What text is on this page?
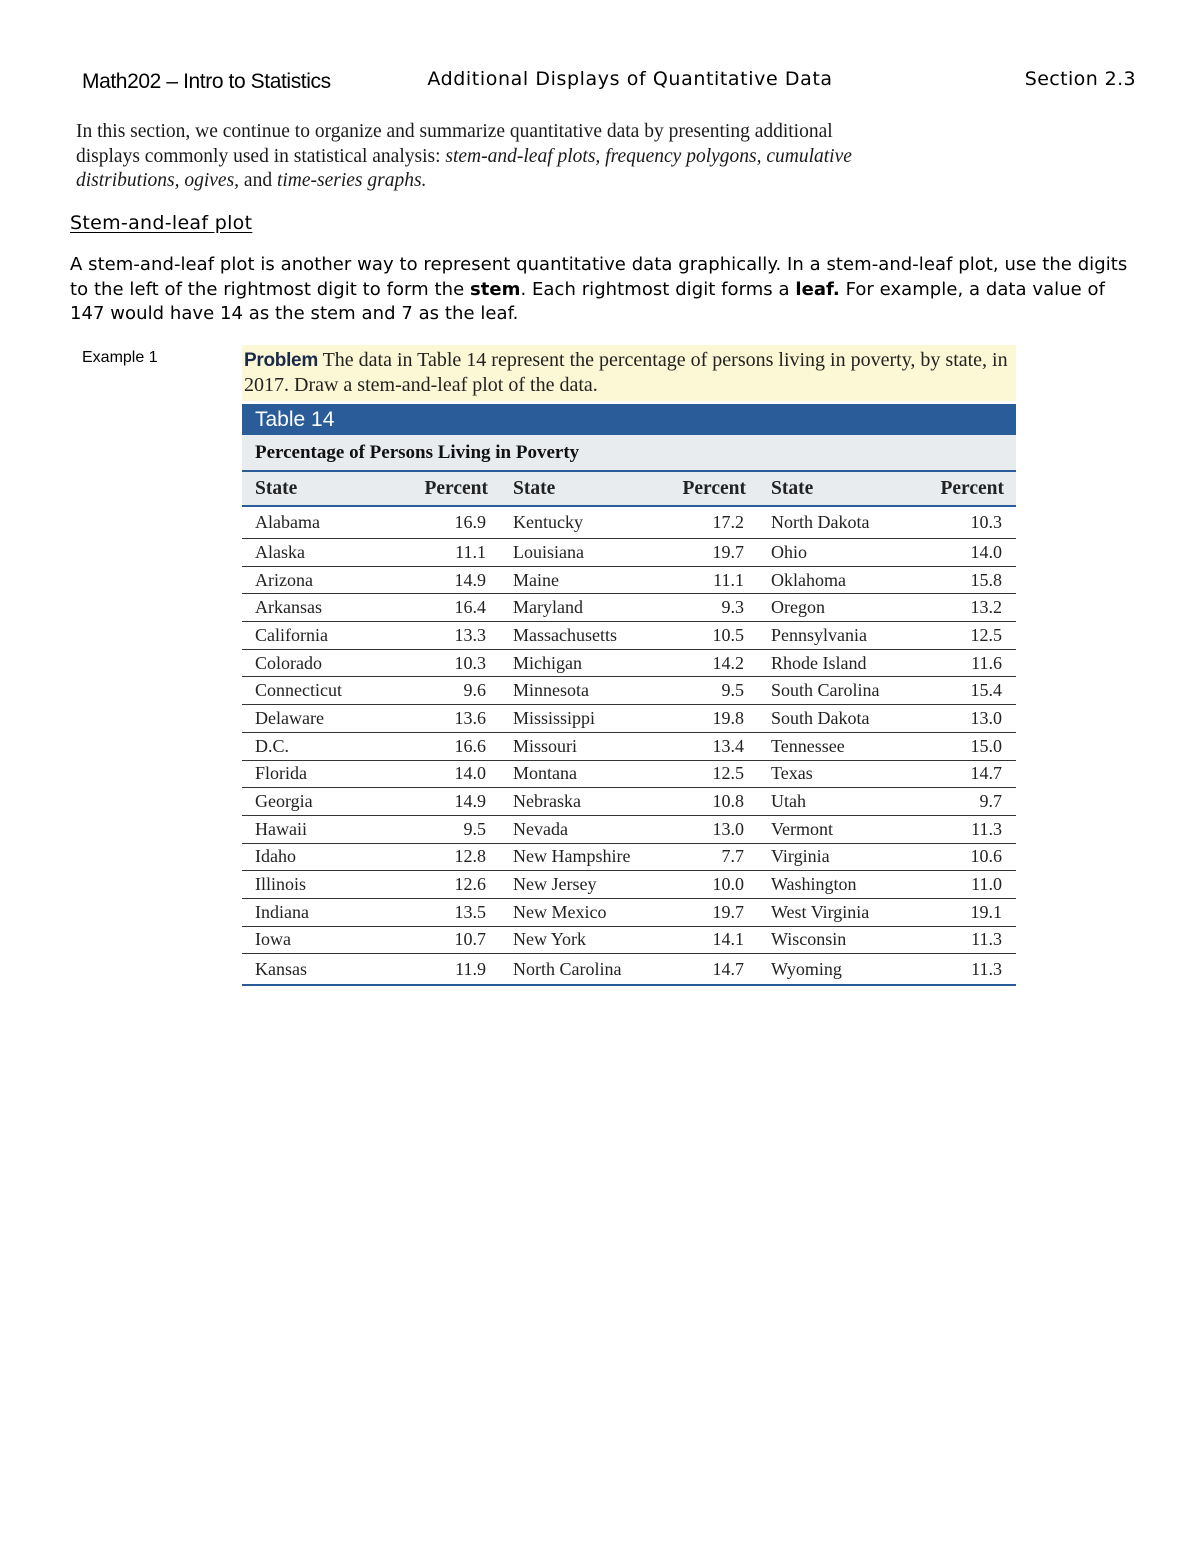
Math202 – Intro to Statistics	Additional Displays of Quantitative Data	Section 2.3
In this section, we continue to organize and summarize quantitative data by presenting additional displays commonly used in statistical analysis: stem-and-leaf plots, frequency polygons, cumulative distributions, ogives, and time-series graphs.
Stem-and-leaf plot
A stem-and-leaf plot is another way to represent quantitative data graphically. In a stem-and-leaf plot, use the digits to the left of the rightmost digit to form the stem. Each rightmost digit forms a leaf. For example, a data value of 147 would have 14 as the stem and 7 as the leaf.
Example 1	Problem The data in Table 14 represent the percentage of persons living in poverty, by state, in 2017. Draw a stem-and-leaf plot of the data.
Table 14
Percentage of Persons Living in Poverty
State	Percent	State	Percent	State	Percent
Alabama	16.9	Kentucky	17.2	North Dakota	10.3
Alaska	11.1	Louisiana	19.7	Ohio	14.0
Arizona	14.9	Maine	11.1	Oklahoma	15.8
Arkansas	16.4	Maryland	9.3	Oregon	13.2
California	13.3	Massachusetts	10.5	Pennsylvania	12.5
Colorado	10.3	Michigan	14.2	Rhode Island	11.6
Connecticut	9.6	Minnesota	9.5	South Carolina	15.4
Delaware	13.6	Mississippi	19.8	South Dakota	13.0
D.C.	16.6	Missouri	13.4	Tennessee	15.0
Florida	14.0	Montana	12.5	Texas	14.7
Georgia	14.9	Nebraska	10.8	Utah	9.7
Hawaii	9.5	Nevada	13.0	Vermont	11.3
Idaho	12.8	New Hampshire	7.7	Virginia	10.6
Illinois	12.6	New Jersey	10.0	Washington	11.0
Indiana	13.5	New Mexico	19.7	West Virginia	19.1
Iowa	10.7	New York	14.1	Wisconsin	11.3
Kansas	11.9	North Carolina	14.7	Wyoming	11.3
